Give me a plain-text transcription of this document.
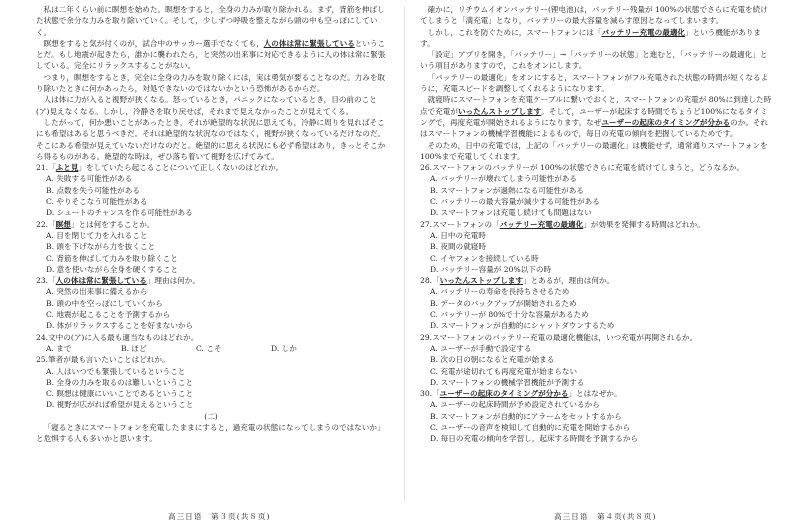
私は二年くらい前に瞑想を始めた。瞑想をすると，全身の力みが取り除かれる。まず，背筋を伸ばした状態で余分な力みを取り除いていく。そして，少しずつ呼吸を整えながら頭の中も空っぽにしていく。

瞑想をすると気が付くのが，試合中のサッカー選手でなくても，人の体は常に緊張しているということだ。もし地震が起きたら，誰かに襲われたら，と突然の出来事に対応できるように人の体は常に緊張している。完全にリラックスすることがない。

つまり，瞑想をするとき，完全に全身の力みを取り除くには，実は勇気が要ることなのだ。力みを取り除いたときに何かあったら，対処できないのではないかという恐怖があるからだ。

人は体に力が入ると視野が狭くなる。怒っているとき，パニックになっているとき，目の前のこと(ア)見えなくなる。しかし，冷静さを取り戻せば，それまで見えなかったことが見えてくる。

したがって，何か悪いことがあったとき，それが絶望的な状況に思えても，冷静に周りを見ればそこにも希望はあると思うべきだ。それは絶望的な状況なのではなく，視野が狭くなっているだけなのだ。そこにある希望が見えていないだけなのだと。絶望的に思える状況にも必ず希望はあり，きっとそこから得るものがある。絶望的な時は，ぜひ落ち着いて視野を広げてみて。

21.「ふと見」をしていたら起こることについて正しくないのはどれか。
A. 失敗する可能性がある
B. 点数を失う可能性がある
C. やりそこなう可能性がある
D. シュートのチャンスを作る可能性がある
22.「瞑想」とは何をすることか。
A. 目を閉じて力を入れること
B. 頭を下げながら力を抜くこと
C. 背筋を伸ばして力みを取り除くこと
D. 意を使いながら全身を硬くすること
23.「人の体は常に緊張している」理由は何か。
A. 突然の出来事に備えるから
B. 頭の中を空っぽにしていくから
C. 地震が起こることを予測するから
D. 体がリラックスすることを好まないから
24.文中の(ア)に入る最も適当なものはどれか。
A. まで	B. ほど	C. こそ	D. しか
25.筆者が最も言いたいことはどれか。
A. 人はいつでも緊張しているということ
B. 全身の力みを取るのは難しいということ
C. 瞑想は健康にいいことであるということ
D. 視野が広がれば希望が見えるということ
(二)

「寝るときにスマートフォンを充電したままにすると，過充電の状態になってしまうのではないか」と危惧する人も多いかと思います。

確かに，リチウムイオンバッテリー(锂电池)は，バッテリー残量が 100%の状態でさらに充電を続けてしまうと「満充電」となり，バッテリーの最大容量を減らす原因となってしまいます。

しかし，これを防ぐために，スマートフォンには「バッテリー充電の最適化」という機能があります。

「設定」アプリを開き，「バッテリー」→「バッテリーの状態」と進むと，「バッテリーの最適化」という項目がありますので，これをオンにします。

「バッテリーの最適化」をオンにすると，スマートフォンがフル充電された状態の時間が短くなるように，充電スピードを調整してくれるようになります。

就寝時にスマートフォンを充電ケーブルに繋いでおくと，スマートフォンの充電が 80%に到達した時点で充電がいったんストップします。そして，ユーザーが起床する時間でちょうど100%になるタイミングで，再度充電が開始されるようになります。なぜユーザーの起床のタイミングが分かるのか。それはスマートフォンの機械学習機能によるもので，毎日の充電の傾向を把握しているためです。

そのため，日中の充電では，上記の「バッテリーの最適化」は機能せず，通常通りスマートフォンを 100%まで充電してくれます。

26.スマートフォンのバッテリーが 100%の状態でさらに充電を続けてしまうと，どうなるか。
A. バッテリーが壊れてしまう可能性がある
B. スマートフォンが過熱になる可能性がある
C. バッテリーの最大容量が減少する可能性がある
D. スマートフォンは充電し続けても問題はない
27.スマートフォンの「バッテリー充電の最適化」が効果を発揮する時間はどれか。
A. 日中の充電時
B. 夜間の就寝時
C. イヤフォンを接続している時
D. バッテリー容量が 20%以下の時
28.「いったんストップします」とあるが，理由は何か。
A. バッテリーの寿命を長持ちさせるため
B. データのバックアップが開始されるため
C. バッテリーが 80%で十分な容量があるため
D. スマートフォンが自動的にシャットダウンするため
29.スマートフォンのバッテリー充電の最適化機能は，いつ充電が再開されるか。
A. ユーザーが手動で設定する
B. 次の日の朝になると充電が始まる
C. 充電が途切れても再度充電が始まらない
D. スマートフォンの機械学習機能が予測する
30.「ユーザーの起床のタイミングが分かる」とはなぜか。
A. ユーザーの起床時間が予め設定されているから
B. スマートフォンが自動的にアラームをセットするから
C. ユーザーの音声を検知して自動的に充電を開始するから
D. 毎日の充電の傾向を学習し，起床する時間を予測するから
高三日语　第３页(共８页)	高三日语　第４页(共８页)
